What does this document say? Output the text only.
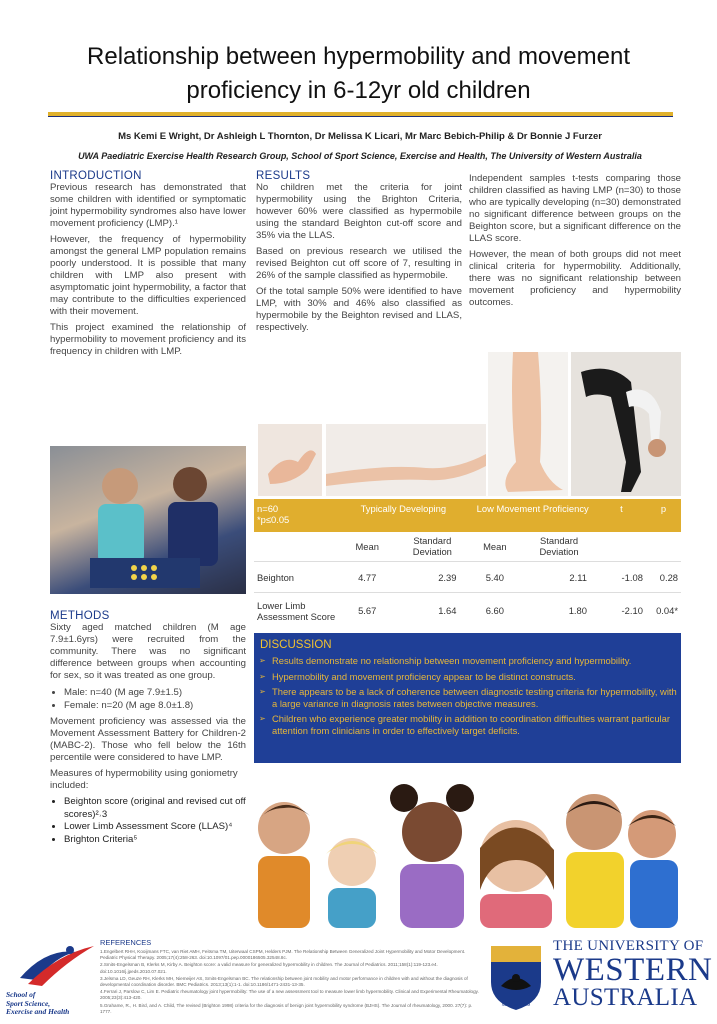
Relationship between hypermobility and movement
proficiency in 6-12yr old children
Ms Kemi E Wright, Dr Ashleigh L Thornton, Dr Melissa K Licari, Mr Marc Bebich-Philip & Dr Bonnie J Furzer
UWA Paediatric Exercise Health Research Group, School of Sport Science, Exercise and Health, The University of Western Australia
INTRODUCTION

Previous research has demonstrated that some children with identified or symptomatic joint hypermobility syndromes also have lower movement proficiency (LMP).¹

However, the frequency of hypermobility amongst the general LMP population remains poorly understood. It is possible that many children with LMP also present with asymptomatic joint hypermobility, a factor that may contribute to the difficulties experienced with their movement.

This project examined the relationship of hypermobility to movement proficiency and its frequency in children with LMP.

METHODS

Sixty aged matched children (M age 7.9±1.6yrs) were recruited from the community. There was no significant difference between groups when accounting for sex, so it was treated as one group.

• Male: n=40 (M age 7.9±1.5)
• Female: n=20 (M age 8.0±1.8)

Movement proficiency was assessed via the Movement Assessment Battery for Children-2 (MABC-2). Those who fell below the 16th percentile were considered to have LMP.

Measures of hypermobility using goniometry included:

• Beighton score (original and revised cut off scores)²˒3
• Lower Limb Assessment Score (LLAS)⁴
• Brighton Criteria⁵
RESULTS

No children met the criteria for joint hypermobility using the Brighton Criteria, however 60% were classified as hypermobile using the standard Beighton cut-off score and 35% via the LLAS.

Based on previous research we utilised the revised Beighton cut off score of 7, resulting in 26% of the sample classified as hypermobile.

Of the total sample 50% were identified to have LMP, with 30% and 46% also classified as hypermobile by the Beighton revised and LLAS, respectively.

Independent samples t-tests comparing those children classified as having LMP (n=30) to those who are typically developing (n=30) demonstrated no significant difference between groups on the Beighton score, but a significant difference on the LLAS score.

However, the mean of both groups did not meet clinical criteria for hypermobility. Additionally, there was no significant relationship between movement proficiency and hypermobility outcomes.

n=60
*p≤0.05	Typically Developing		Low Movement Proficiency		t	p
	Mean	Standard Deviation	Mean	Standard Deviation		
Beighton	4.77	2.39	5.40	2.11	-1.08	0.28
Lower Limb Assessment Score	5.67	1.64	6.60	1.80	-2.10	0.04*
DISCUSSION
➢ Results demonstrate no relationship between movement proficiency and hypermobility.
➢ Hypermobility and movement proficiency appear to be distinct constructs.
➢ There appears to be a lack of coherence between diagnostic testing criteria for hypermobility, with a large variance in diagnosis rates between objective measures.
➢ Children who experience greater mobility in addition to coordination difficulties warrant particular attention from clinicians in order to effectively target deficits.
REFERENCES
1.Engelbert RHH, Kooijmans FTC, van Riet AMH, Feitsma TM, Uiterwaal CSPM, Helders PJM. The Relationship Between Generalized Joint Hypermobility and Motor Development. Pediatric Physical Therapy. 2005;17(4):258-263. doi:10.1097/01.pep.0000186505.32548.8c.
2.Smits-Engelsman B, Klerks M, Kirby A. Beighton score: a valid measure for generalized hypermobility in children. The Journal of Pediatrics. 2011;158(1):119-123.e4. doi:10.1016/j.jpeds.2010.07.021.
3.Jelsma LD, Geuze RH, Klerks MH, Niemeijer AS, Smits-Engelsman BC. The relationship between joint mobility and motor performance in children with and without the diagnosis of developmental coordination disorder. BMC Pediatrics. 2013;13(1):1-1. doi:10.1186/1471-2431-13-35.
4.Ferrari J, Parslow C, Lim E. Pediatric rheumatology joint hypermobility: The use of a new assessment tool to measure lower limb hypermobility. Clinical and Experimental Rheumatology. 2005;23(3):413-420.
5.Grahame, R., H. Bird, and A. Child, The revised (Brighton 1998) criteria for the diagnosis of benign joint hypermobility syndrome (BJHS). The Journal of rheumatology, 2000. 27(7): p. 1777.
School of
Sport Science,
Exercise and Health
SEEK WISDOM
THE UNIVERSITY OF
WESTERN
AUSTRALIA
